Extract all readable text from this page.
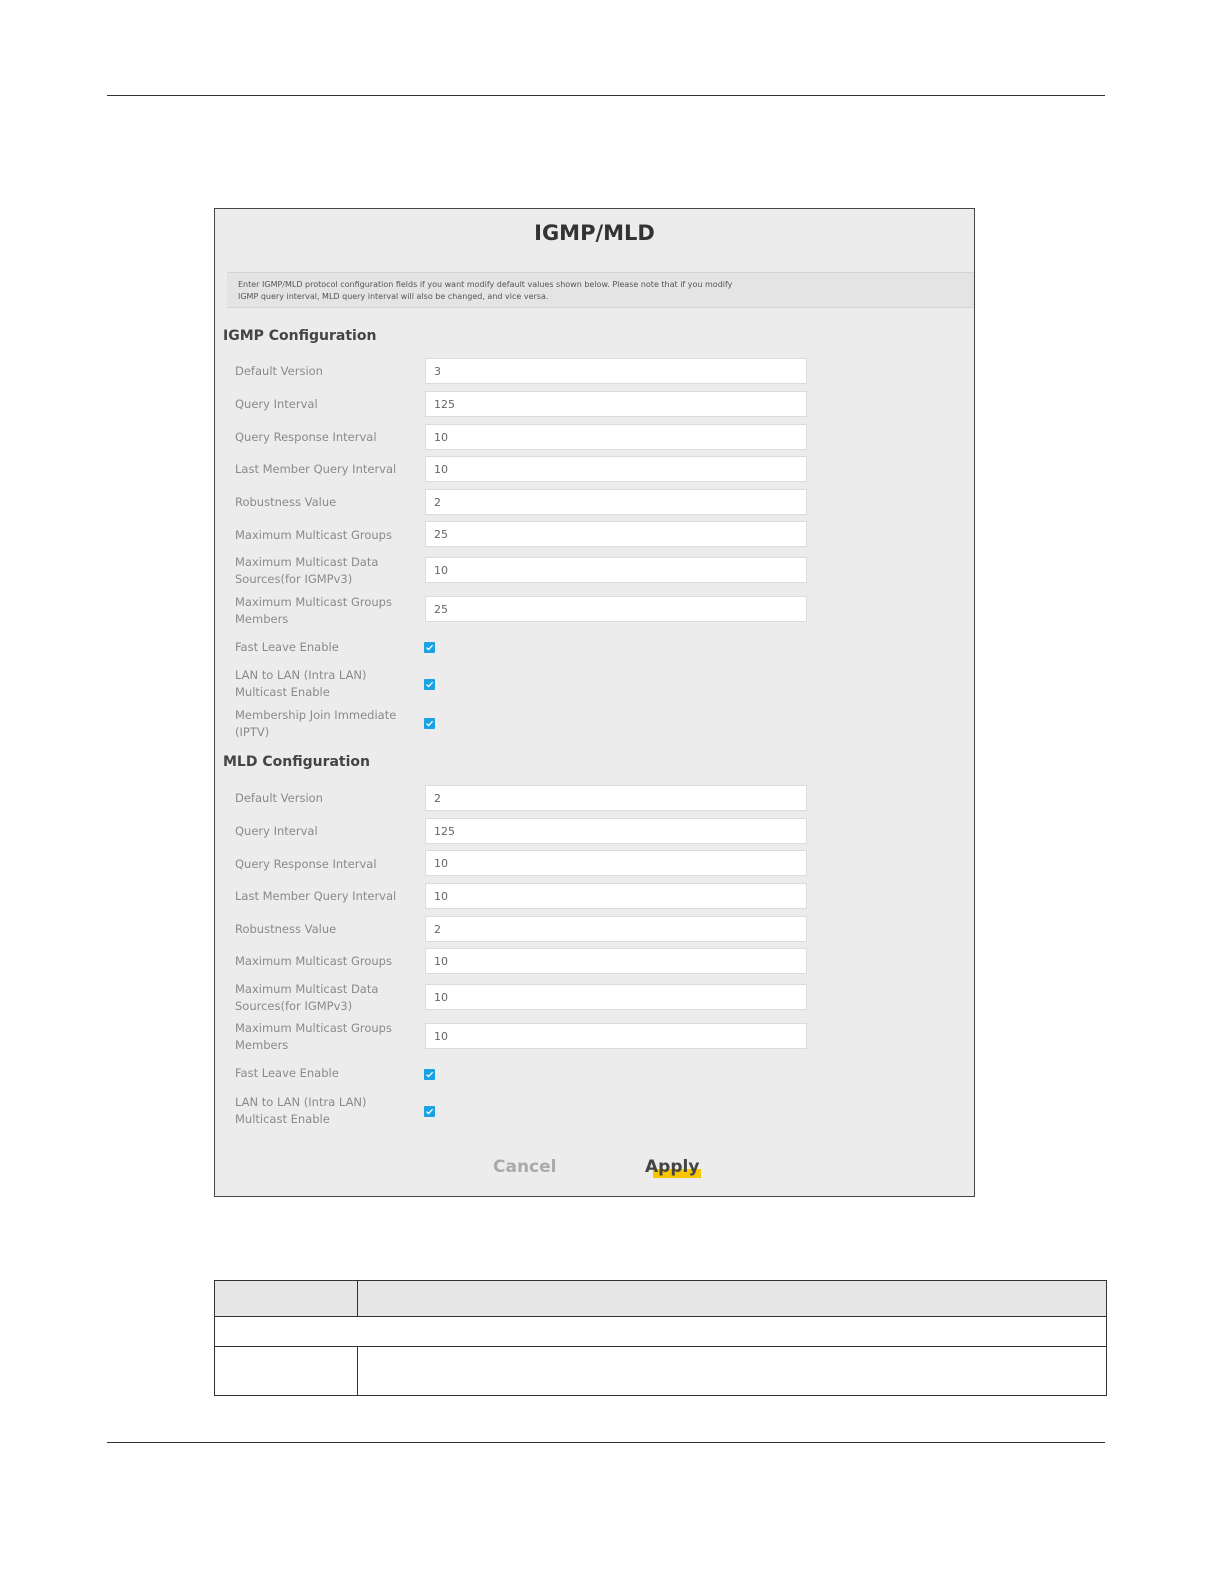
IGMP/MLD
Enter IGMP/MLD protocol configuration fields if you want modify default values shown below. Please note that if you modify
IGMP query interval, MLD query interval will also be changed, and vice versa.
IGMP Configuration
Default Version
3
Query Interval
125
Query Response Interval
10
Last Member Query Interval
10
Robustness Value
2
Maximum Multicast Groups
25
Maximum Multicast Data Sources(for IGMPv3)
10
Maximum Multicast Groups Members
25
Fast Leave Enable
LAN to LAN (Intra LAN) Multicast Enable
Membership Join Immediate (IPTV)
MLD Configuration
Default Version
2
Query Interval
125
Query Response Interval
10
Last Member Query Interval
10
Robustness Value
2
Maximum Multicast Groups
10
Maximum Multicast Data Sources(for IGMPv3)
10
Maximum Multicast Groups Members
10
Fast Leave Enable
LAN to LAN (Intra LAN) Multicast Enable
Cancel	Apply
